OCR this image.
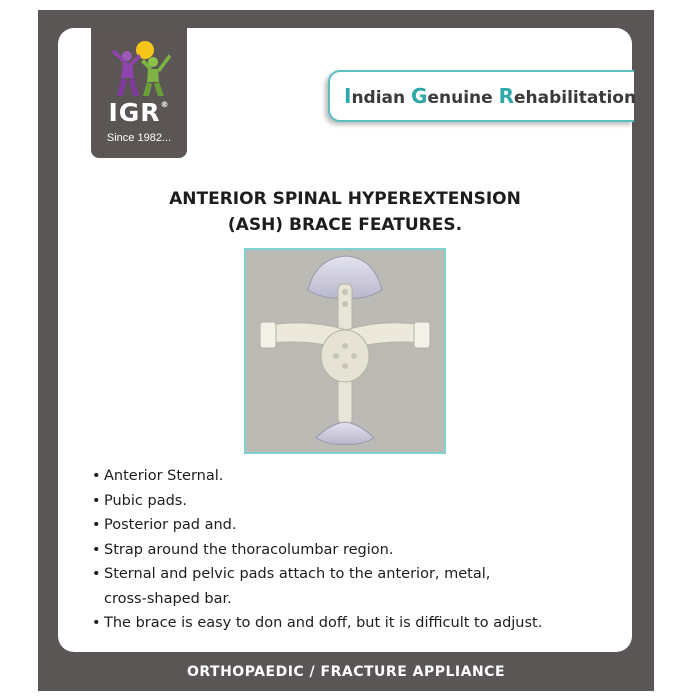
IGR®
Since 1982...
Indian Genuine Rehabilitation
ANTERIOR SPINAL HYPEREXTENSION
(ASH) BRACE FEATURES.
• Anterior Sternal.
• Pubic pads.
• Posterior pad and.
• Strap around the thoracolumbar region.
• Sternal and pelvic pads attach to the anterior, metal,
cross-shaped bar.
• The brace is easy to don and doff, but it is difficult to adjust.
ORTHOPAEDIC / FRACTURE APPLIANCE
